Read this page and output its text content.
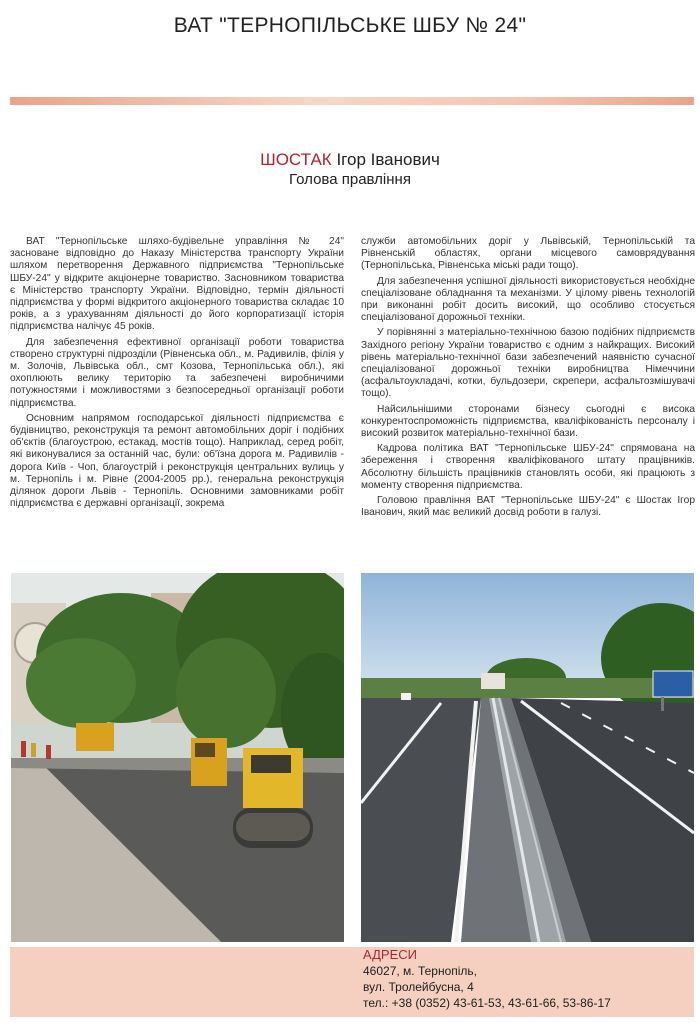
ВАТ "ТЕРНОПІЛЬСЬКЕ ШБУ № 24"
ШОСТАК Ігор Іванович
Голова правління

ВАТ "Тернопільське шляхо-будівельне управління № 24" засноване відповідно до Наказу Міністерства транспорту України шляхом перетворення Державного підприємства "Тернопільське ШБУ-24" у відкрите акціонерне товариство. Засновником товариства є Міністерство транспорту України. Відповідно, термін діяльності підприємства у формі відкритого акціонерного товариства складає 10 років, а з урахуванням діяльності до його корпоратизації історія підприємства налічує 45 років.

Для забезпечення ефективної організації роботи товариства створено структурні підрозділи (Рівненська обл., м. Радивилів, філія у м. Золочів, Львівська обл., смт Козова, Тернопільська обл.), які охоплюють велику територію та забезпечені виробничими потужностями і можливостями з безпосередньої організації роботи підприємства.

Основним напрямом господарської діяльності підприємства є будівництво, реконструкція та ремонт автомобільних доріг і подібних об'єктів (благоустрою, естакад, мостів тощо). Наприклад, серед робіт, які виконувалися за останній час, були: об'їзна дорога м. Радивилів - дорога Київ - Чоп, благоустрій і реконструкція центральних вулиць у м. Тернопіль і м. Рівне (2004-2005 рр.), генеральна реконструкція ділянок дороги Львів - Тернопіль. Основними замовниками робіт підприємства є державні організації, зокрема

служби автомобільних доріг у Львівській, Тернопільській та Рівненській областях, органи місцевого самоврядування (Тернопільська, Рівненська міські ради тощо).

Для забезпечення успішної діяльності використовується необхідне спеціалізоване обладнання та механізми. У цілому рівень технологій при виконанні робіт досить високий, що особливо стосується спеціалізованої дорожньої техніки.

У порівнянні з матеріально-технічною базою подібних підприємств Західного регіону України товариство є одним з найкращих. Високий рівень матеріально-технічної бази забезпечений наявністю сучасної спеціалізованої дорожньої техніки виробництва Німеччини (асфальтоукладачі, котки, бульдозери, скрепери, асфальтозмішувачі тощо).

Найсильнішими сторонами бізнесу сьогодні є висока конкурентоспроможність підприємства, кваліфікованість персоналу і високий розвиток матеріально-технічної бази.

Кадрова політика ВАТ "Тернопільське ШБУ-24" спрямована на збереження і створення кваліфікованого штату працівників. Абсолютну більшість працівників становлять особи, які працюють з моменту створення підприємства.

Головою правління ВАТ "Тернопільське ШБУ-24" є Шостак Ігор Іванович, який має великий досвід роботи в галузі.

АДРЕСИ
46027, м. Тернопіль,
вул. Тролейбусна, 4
тел.: +38 (0352) 43-61-53, 43-61-66, 53-86-17
